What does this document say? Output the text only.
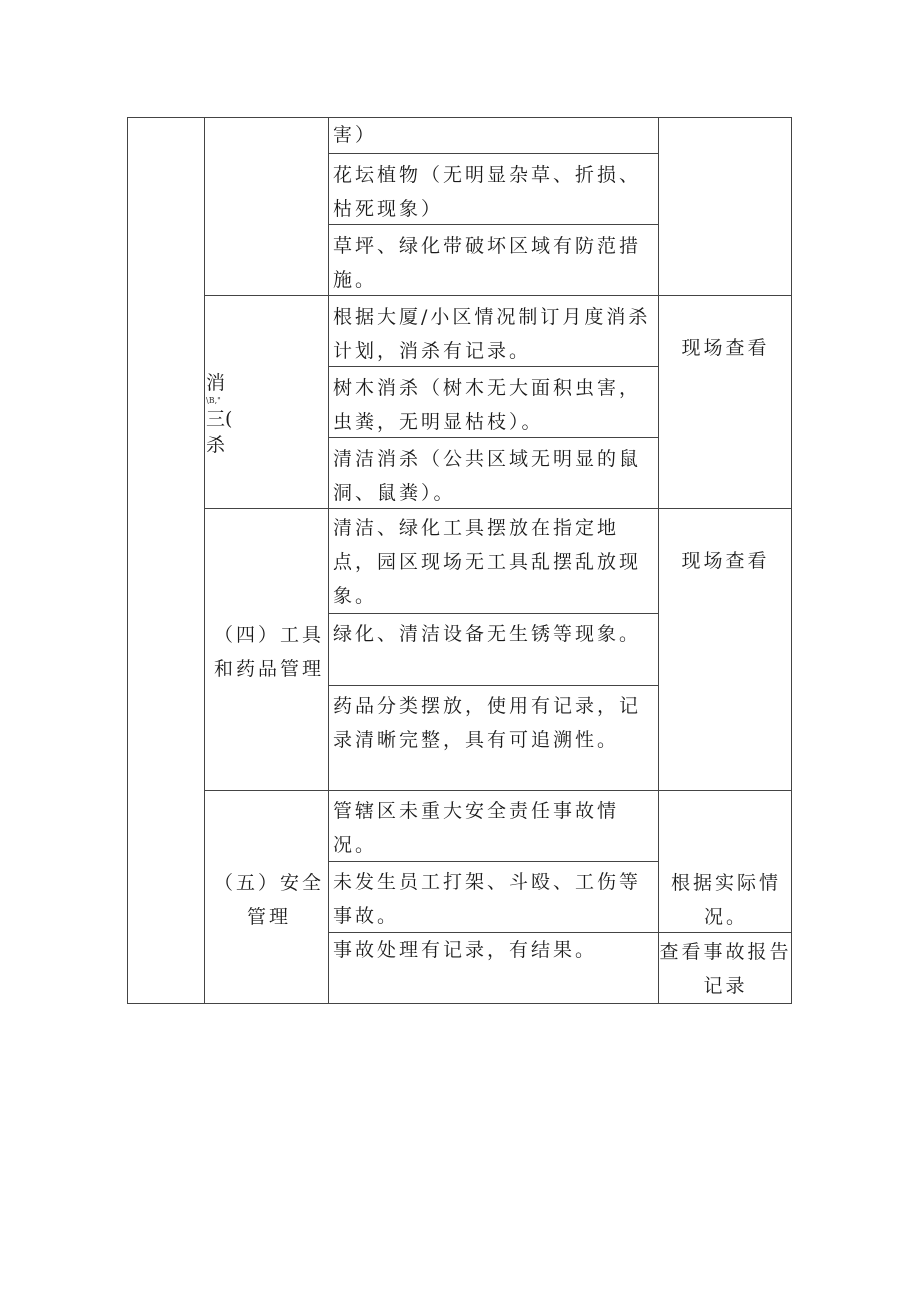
消
\B,"
三(
杀
（四）工具和药品管理
（五）安全管理
害）
花坛植物（无明显杂草、折损、枯死现象）
草坪、绿化带破坏区域有防范措施。
根据大厦/小区情况制订月度消杀计划，消杀有记录。
树木消杀（树木无大面积虫害，虫粪，无明显枯枝）。
清洁消杀（公共区域无明显的鼠洞、鼠粪）。
清洁、绿化工具摆放在指定地点，园区现场无工具乱摆乱放现象。
绿化、清洁设备无生锈等现象。
药品分类摆放，使用有记录，记录清晰完整，具有可追溯性。
管辖区未重大安全责任事故情况。
未发生员工打架、斗殴、工伤等事故。
事故处理有记录，有结果。
现场查看
现场查看
根据实际情况。
查看事故报告记录
